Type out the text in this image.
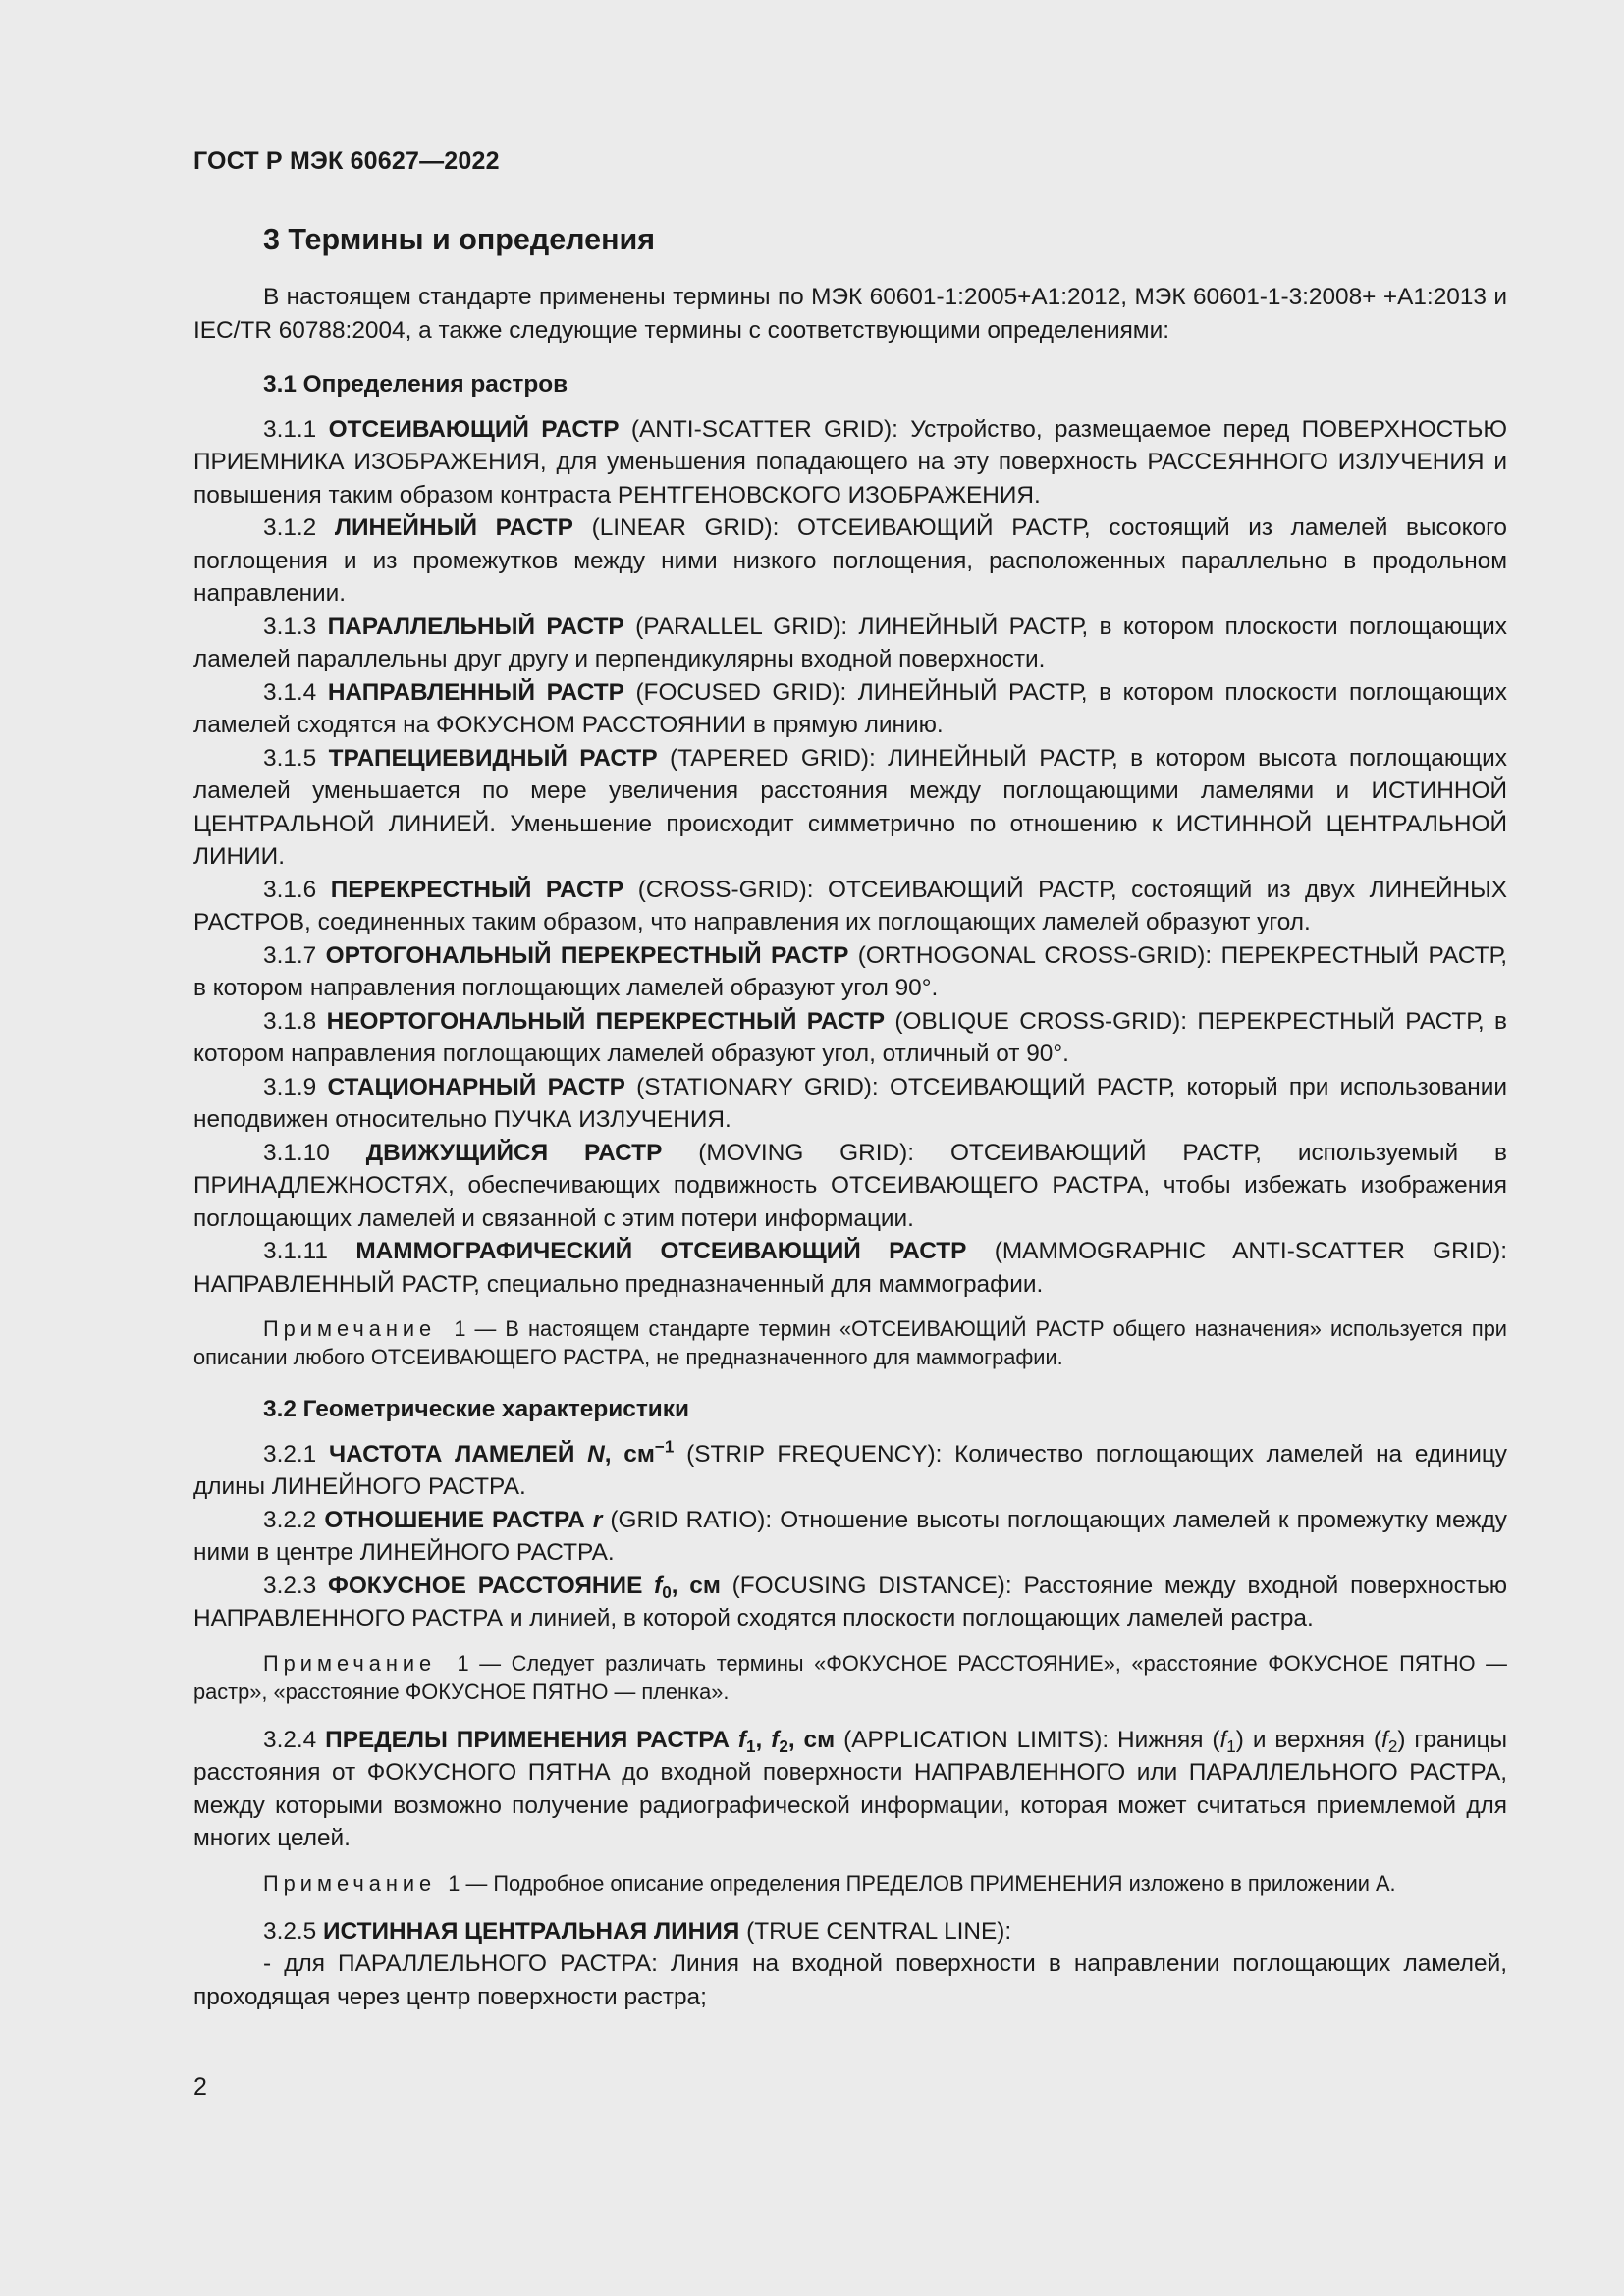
ГОСТ Р МЭК 60627—2022
3 Термины и определения

В настоящем стандарте применены термины по МЭК 60601-1:2005+А1:2012, МЭК 60601-1-3:2008+ +А1:2013 и IEC/TR 60788:2004, а также следующие термины с соответствующими определениями:

3.1 Определения растров

3.1.1 ОТСЕИВАЮЩИЙ РАСТР (ANTI-SCATTER GRID): Устройство, размещаемое перед ПОВЕРХНОСТЬЮ ПРИЕМНИКА ИЗОБРАЖЕНИЯ, для уменьшения попадающего на эту поверхность РАССЕЯННОГО ИЗЛУЧЕНИЯ и повышения таким образом контраста РЕНТГЕНОВСКОГО ИЗОБРАЖЕНИЯ.

3.1.2 ЛИНЕЙНЫЙ РАСТР (LINEAR GRID): ОТСЕИВАЮЩИЙ РАСТР, состоящий из ламелей высокого поглощения и из промежутков между ними низкого поглощения, расположенных параллельно в продольном направлении.

3.1.3 ПАРАЛЛЕЛЬНЫЙ РАСТР (PARALLEL GRID): ЛИНЕЙНЫЙ РАСТР, в котором плоскости поглощающих ламелей параллельны друг другу и перпендикулярны входной поверхности.

3.1.4 НАПРАВЛЕННЫЙ РАСТР (FOCUSED GRID): ЛИНЕЙНЫЙ РАСТР, в котором плоскости поглощающих ламелей сходятся на ФОКУСНОМ РАССТОЯНИИ в прямую линию.

3.1.5 ТРАПЕЦИЕВИДНЫЙ РАСТР (TAPERED GRID): ЛИНЕЙНЫЙ РАСТР, в котором высота поглощающих ламелей уменьшается по мере увеличения расстояния между поглощающими ламелями и ИСТИННОЙ ЦЕНТРАЛЬНОЙ ЛИНИЕЙ. Уменьшение происходит симметрично по отношению к ИСТИННОЙ ЦЕНТРАЛЬНОЙ ЛИНИИ.

3.1.6 ПЕРЕКРЕСТНЫЙ РАСТР (CROSS-GRID): ОТСЕИВАЮЩИЙ РАСТР, состоящий из двух ЛИНЕЙНЫХ РАСТРОВ, соединенных таким образом, что направления их поглощающих ламелей образуют угол.

3.1.7 ОРТОГОНАЛЬНЫЙ ПЕРЕКРЕСТНЫЙ РАСТР (ORTHOGONAL CROSS-GRID): ПЕРЕКРЕСТНЫЙ РАСТР, в котором направления поглощающих ламелей образуют угол 90°.

3.1.8 НЕОРТОГОНАЛЬНЫЙ ПЕРЕКРЕСТНЫЙ РАСТР (OBLIQUE CROSS-GRID): ПЕРЕКРЕСТНЫЙ РАСТР, в котором направления поглощающих ламелей образуют угол, отличный от 90°.

3.1.9 СТАЦИОНАРНЫЙ РАСТР (STATIONARY GRID): ОТСЕИВАЮЩИЙ РАСТР, который при использовании неподвижен относительно ПУЧКА ИЗЛУЧЕНИЯ.

3.1.10 ДВИЖУЩИЙСЯ РАСТР (MOVING GRID): ОТСЕИВАЮЩИЙ РАСТР, используемый в ПРИНАДЛЕЖНОСТЯХ, обеспечивающих подвижность ОТСЕИВАЮЩЕГО РАСТРА, чтобы избежать изображения поглощающих ламелей и связанной с этим потери информации.

3.1.11 МАММОГРАФИЧЕСКИЙ ОТСЕИВАЮЩИЙ РАСТР (MAMMOGRAPHIC ANTI-SCATTER GRID): НАПРАВЛЕННЫЙ РАСТР, специально предназначенный для маммографии.

Примечание 1 — В настоящем стандарте термин «ОТСЕИВАЮЩИЙ РАСТР общего назначения» используется при описании любого ОТСЕИВАЮЩЕГО РАСТРА, не предназначенного для маммографии.

3.2 Геометрические характеристики

3.2.1 ЧАСТОТА ЛАМЕЛЕЙ N, $см^{-1}$ (STRIP FREQUENCY): Количество поглощающих ламелей на единицу длины ЛИНЕЙНОГО РАСТРА.

3.2.2 ОТНОШЕНИЕ РАСТРА r (GRID RATIO): Отношение высоты поглощающих ламелей к промежутку между ними в центре ЛИНЕЙНОГО РАСТРА.

3.2.3 ФОКУСНОЕ РАССТОЯНИЕ $f_0$, см (FOCUSING DISTANCE): Расстояние между входной поверхностью НАПРАВЛЕННОГО РАСТРА и линией, в которой сходятся плоскости поглощающих ламелей растра.

Примечание 1 — Следует различать термины «ФОКУСНОЕ РАССТОЯНИЕ», «расстояние ФОКУСНОЕ ПЯТНО — растр», «расстояние ФОКУСНОЕ ПЯТНО — пленка».

3.2.4 ПРЕДЕЛЫ ПРИМЕНЕНИЯ РАСТРА $f_1$, $f_2$, см (APPLICATION LIMITS): Нижняя $(f_1)$ и верхняя $(f_2)$ границы расстояния от ФОКУСНОГО ПЯТНА до входной поверхности НАПРАВЛЕННОГО или ПАРАЛЛЕЛЬНОГО РАСТРА, между которыми возможно получение радиографической информации, которая может считаться приемлемой для многих целей.

Примечание 1 — Подробное описание определения ПРЕДЕЛОВ ПРИМЕНЕНИЯ изложено в приложении А.

3.2.5 ИСТИННАЯ ЦЕНТРАЛЬНАЯ ЛИНИЯ (TRUE CENTRAL LINE):

- для ПАРАЛЛЕЛЬНОГО РАСТРА: Линия на входной поверхности в направлении поглощающих ламелей, проходящая через центр поверхности растра;

2
